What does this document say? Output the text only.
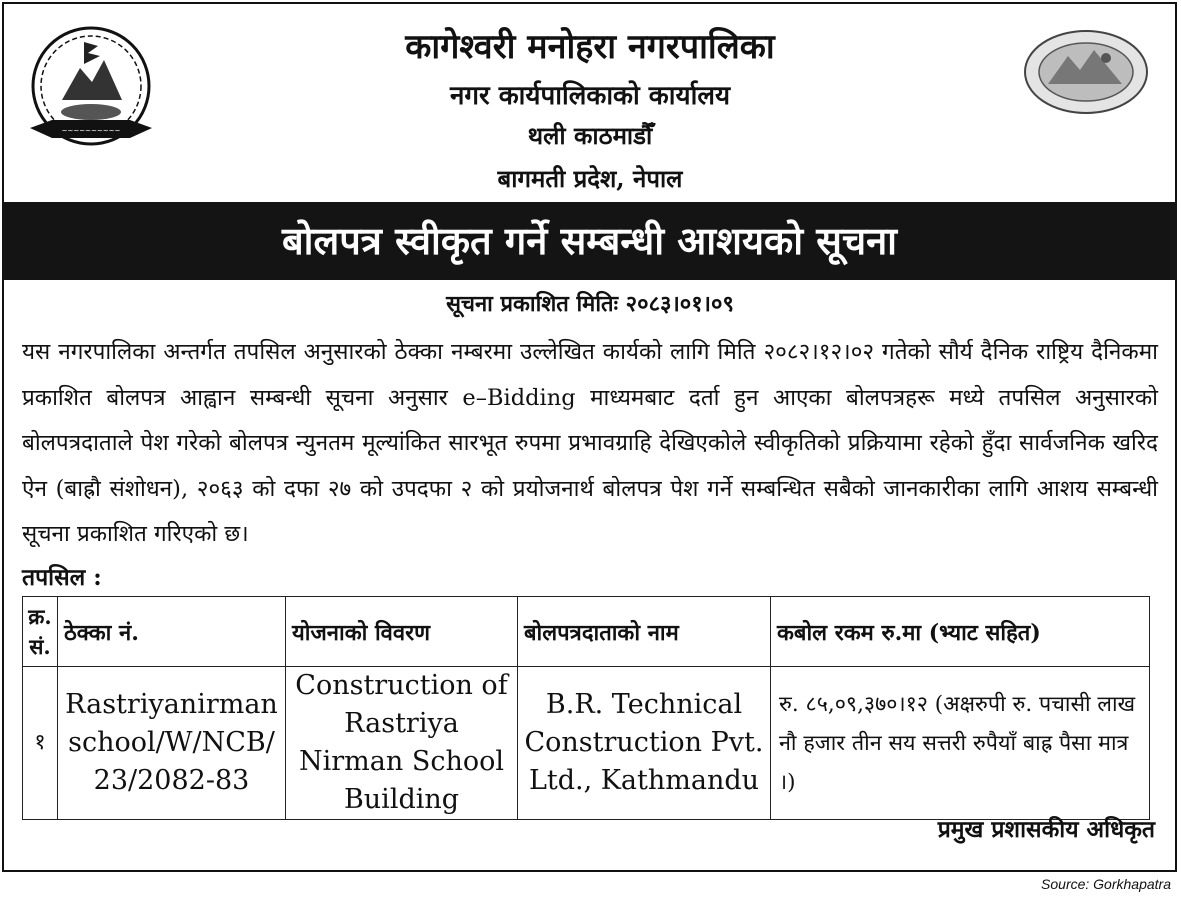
~~~~~~~~~~
कागेश्वरी मनोहरा नगरपालिका
नगर कार्यपालिकाको कार्यालय
थली काठमाडौँ
बागमती प्रदेश, नेपाल
बोलपत्र स्वीकृत गर्ने सम्बन्धी आशयको सूचना
सूचना प्रकाशित मितिः २०८३।०१।०९
यस नगरपालिका अन्तर्गत तपसिल अनुसारको ठेक्का नम्बरमा उल्लेखित कार्यको लागि मिति २०८२।१२।०२ गतेको सौर्य दैनिक राष्ट्रिय दैनिकमा प्रकाशित बोलपत्र आह्वान सम्बन्धी सूचना अनुसार e–Bidding माध्यमबाट दर्ता हुन आएका बोलपत्रहरू मध्ये तपसिल अनुसारको बोलपत्रदाताले पेश गरेको बोलपत्र न्युनतम मूल्यांकित सारभूत रुपमा प्रभावग्राहि देखिएकोले स्वीकृतिको प्रक्रियामा रहेको हुँदा सार्वजनिक खरिद ऐन (बाह्रौ संशोधन), २०६३ को दफा २७ को उपदफा २ को प्रयोजनार्थ बोलपत्र पेश गर्ने सम्बन्धित सबैको जानकारीका लागि आशय सम्बन्धी सूचना प्रकाशित गरिएको छ।
तपसिल :
क्र. सं.	ठेक्का नं.	योजनाको विवरण	बोलपत्रदाताको नाम	कबोल रकम रु.मा (भ्याट सहित)
१	Rastriyanirman school/W/NCB/ 23/2082-83	Construction of Rastriya Nirman School Building	B.R. Technical Construction Pvt. Ltd., Kathmandu	रु. ८५,०९,३७०।१२ (अक्षरुपी रु. पचासी लाख नौ हजार तीन सय सत्तरी रुपैयाँ बाह्र पैसा मात्र ।)
प्रमुख प्रशासकीय अधिकृत
Source: Gorkhapatra
